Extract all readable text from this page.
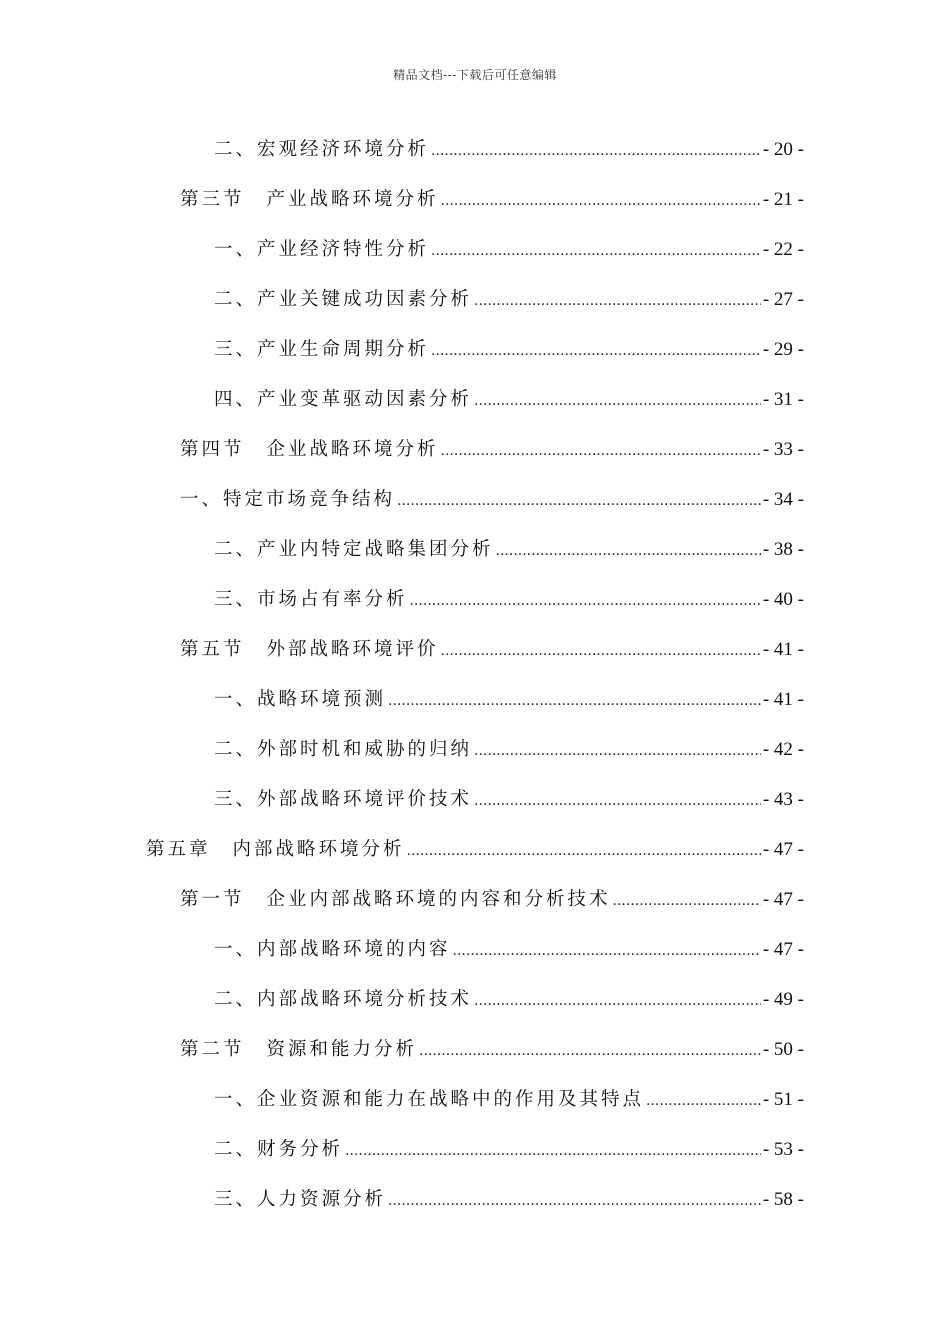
精品文档---下载后可任意编辑
二、宏观经济环境分析 .....	- 20 -
第三节 产业战略环境分析 .....	- 21 -
一、产业经济特性分析 .....	- 22 -
二、产业关键成功因素分析 .....	- 27 -
三、产业生命周期分析 .....	- 29 -
四、产业变革驱动因素分析 .....	- 31 -
第四节 企业战略环境分析 .....	- 33 -
一、特定市场竞争结构 .....	- 34 -
二、产业内特定战略集团分析 .....	- 38 -
三、市场占有率分析 .....	- 40 -
第五节 外部战略环境评价 .....	- 41 -
一、战略环境预测 .....	- 41 -
二、外部时机和威胁的归纳 .....	- 42 -
三、外部战略环境评价技术 .....	- 43 -
第五章 内部战略环境分析 .....	- 47 -
第一节 企业内部战略环境的内容和分析技术 .....	- 47 -
一、内部战略环境的内容 .....	- 47 -
二、内部战略环境分析技术 .....	- 49 -
第二节 资源和能力分析 .....	- 50 -
一、企业资源和能力在战略中的作用及其特点 .....	- 51 -
二、财务分析 .....	- 53 -
三、人力资源分析 .....	- 58 -
